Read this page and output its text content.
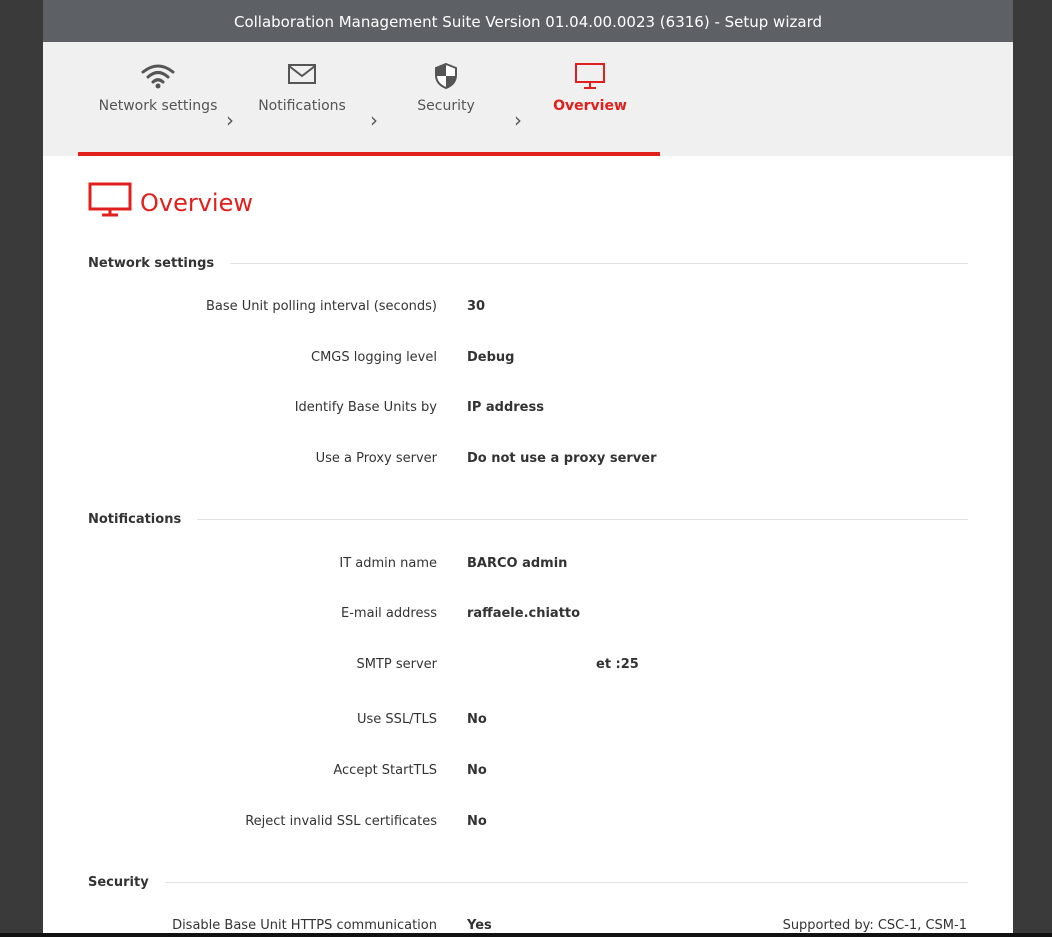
Collaboration Management Suite Version 01.04.00.0023 (6316) - Setup wizard
Network settings
›
Notifications
›
Security
›
Overview
Overview
Network settings
Base Unit polling interval (seconds) 30
CMGS logging level Debug
Identify Base Units by IP address
Use a Proxy server Do not use a proxy server
Notifications
IT admin name BARCO admin
E-mail address raffaele.chiatto
SMTP server	et :25
Use SSL/TLS No
Accept StartTLS No
Reject invalid SSL certificates No
Security
Disable Base Unit HTTPS communication Yes	Supported by: CSC-1, CSM-1
